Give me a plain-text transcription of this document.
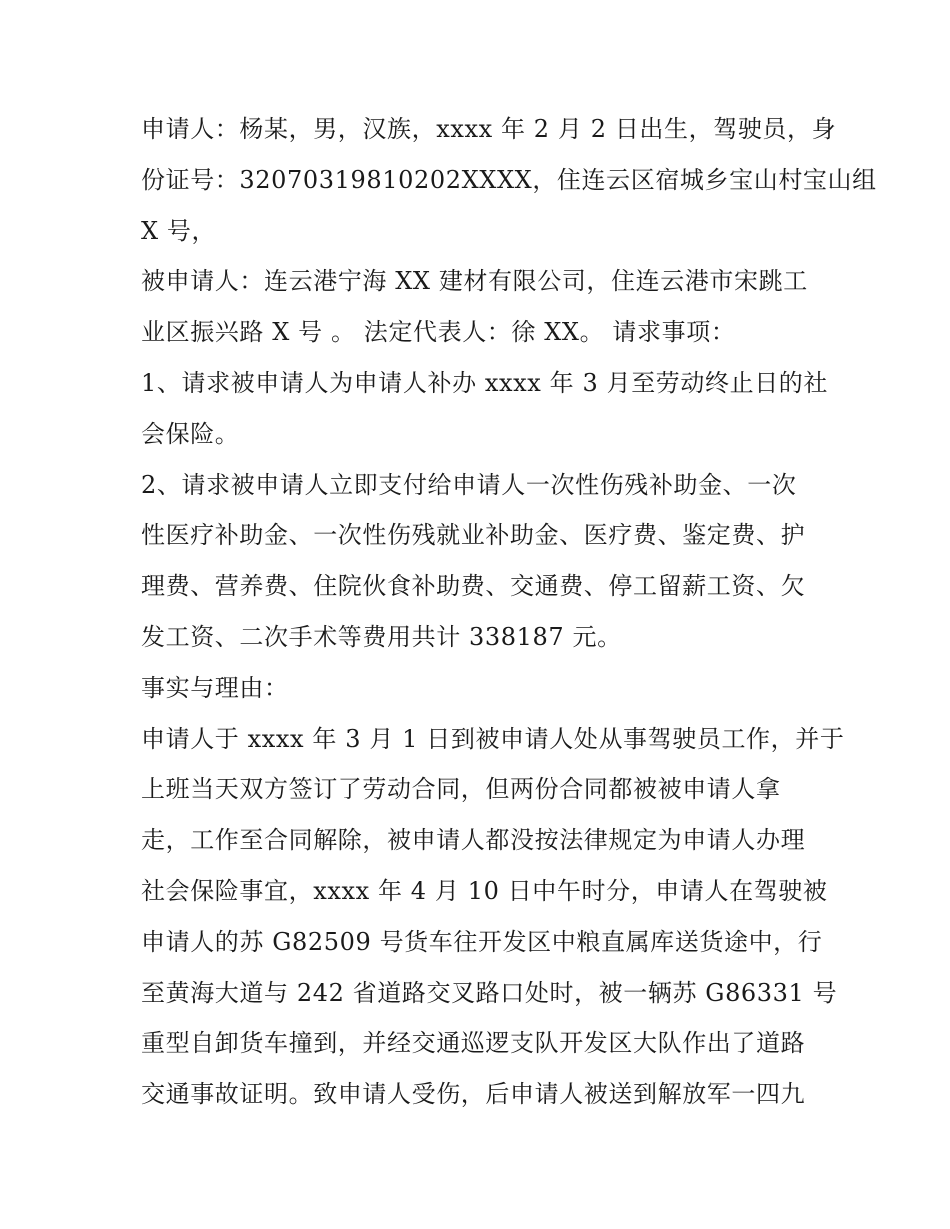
申请人：杨某，男，汉族，xxxx 年 2 月 2 日出生，驾驶员，身
份证号：32070319810202XXXX，住连云区宿城乡宝山村宝山组
X 号，
被申请人：连云港宁海 XX 建材有限公司，住连云港市宋跳工
业区振兴路 X 号 。 法定代表人：徐 XX。 请求事项：
1、请求被申请人为申请人补办 xxxx 年 3 月至劳动终止日的社
会保险。
2、请求被申请人立即支付给申请人一次性伤残补助金、一次
性医疗补助金、一次性伤残就业补助金、医疗费、鉴定费、护
理费、营养费、住院伙食补助费、交通费、停工留薪工资、欠
发工资、二次手术等费用共计 338187 元。
事实与理由：
申请人于 xxxx 年 3 月 1 日到被申请人处从事驾驶员工作，并于
上班当天双方签订了劳动合同，但两份合同都被被申请人拿
走，工作至合同解除，被申请人都没按法律规定为申请人办理
社会保险事宜，xxxx 年 4 月 10 日中午时分，申请人在驾驶被
申请人的苏 G82509 号货车往开发区中粮直属库送货途中，行
至黄海大道与 242 省道路交叉路口处时，被一辆苏 G86331 号
重型自卸货车撞到，并经交通巡逻支队开发区大队作出了道路
交通事故证明。致申请人受伤，后申请人被送到解放军一四九
